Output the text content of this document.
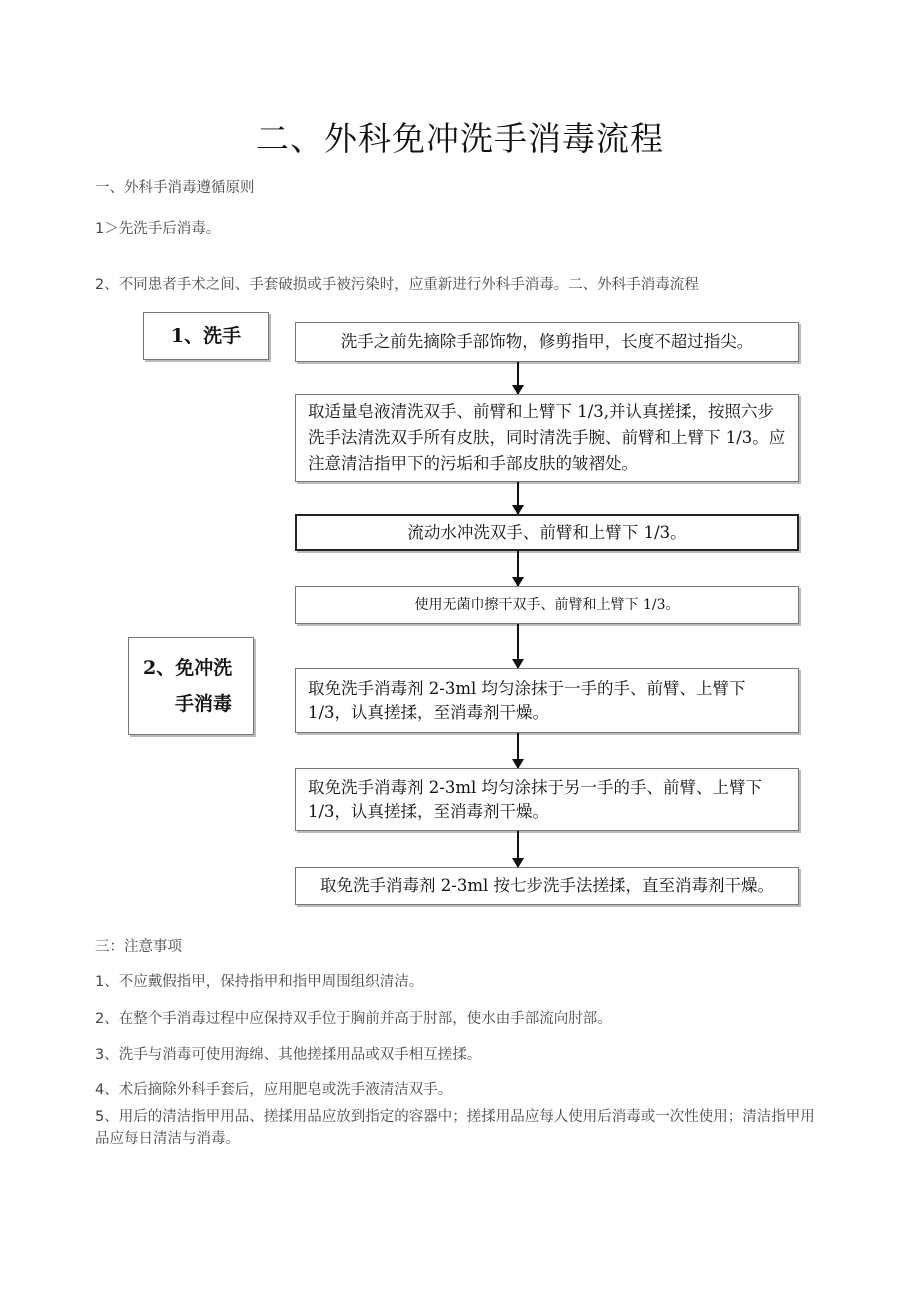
二、外科免冲洗手消毒流程
一、外科手消毒遵循原则
1＞先洗手后消毒。
2、不同患者手术之间、手套破损或手被污染时，应重新进行外科手消毒。二、外科手消毒流程
1、洗手
2、免冲洗
手消毒
洗手之前先摘除手部饰物，修剪指甲，长度不超过指尖。
取适量皂液清洗双手、前臂和上臂下 1/3,并认真搓揉，按照六步洗手法清洗双手所有皮肤，同时清洗手腕、前臂和上臂下 1/3。应注意清洁指甲下的污垢和手部皮肤的皱褶处。
流动水冲洗双手、前臂和上臂下 1/3。
使用无菌巾擦干双手、前臂和上臂下 1/3。
取免洗手消毒剂 2-3ml 均匀涂抹于一手的手、前臂、上臂下 1/3，认真搓揉，至消毒剂干燥。
取免洗手消毒剂 2-3ml 均匀涂抹于另一手的手、前臂、上臂下 1/3，认真搓揉，至消毒剂干燥。
取免洗手消毒剂 2-3ml 按七步洗手法搓揉，直至消毒剂干燥。
三：注意事项
1、不应戴假指甲，保持指甲和指甲周围组织清洁。
2、在整个手消毒过程中应保持双手位于胸前并高于肘部，使水由手部流向肘部。
3、洗手与消毒可使用海绵、其他搓揉用品或双手相互搓揉。
4、术后摘除外科手套后，应用肥皂或洗手液清洁双手。
5、用后的清洁指甲用品、搓揉用品应放到指定的容器中；搓揉用品应每人使用后消毒或一次性使用；清洁指甲用品应每日清洁与消毒。
